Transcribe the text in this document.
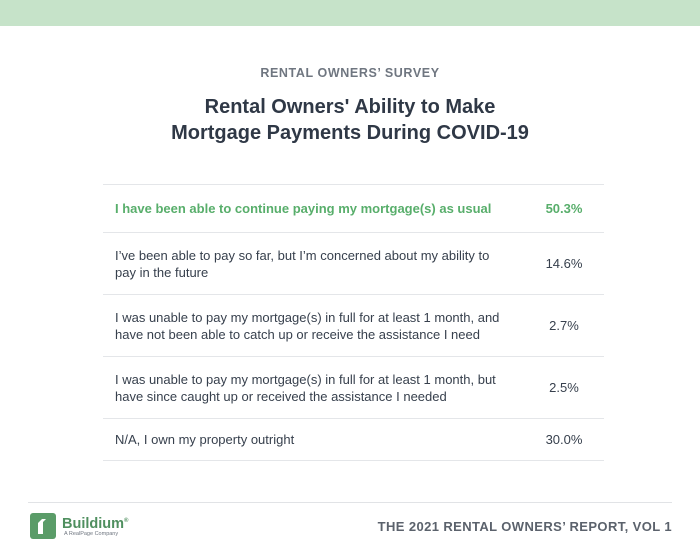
RENTAL OWNERS’ SURVEY
Rental Owners' Ability to Make
Mortgage Payments During COVID-19
I have been able to continue paying my mortgage(s) as usual	50.3%
I’ve been able to pay so far, but I’m concerned about my ability to pay in the future
14.6%
I was unable to pay my mortgage(s) in full for at least 1 month, and have not been able to catch up or receive the assistance I need
2.7%
I was unable to pay my mortgage(s) in full for at least 1 month, but have since caught up or received the assistance I needed
2.5%
N/A, I own my property outright	30.0%
Buildium®
A RealPage Company
THE 2021 RENTAL OWNERS’ REPORT, VOL 1
